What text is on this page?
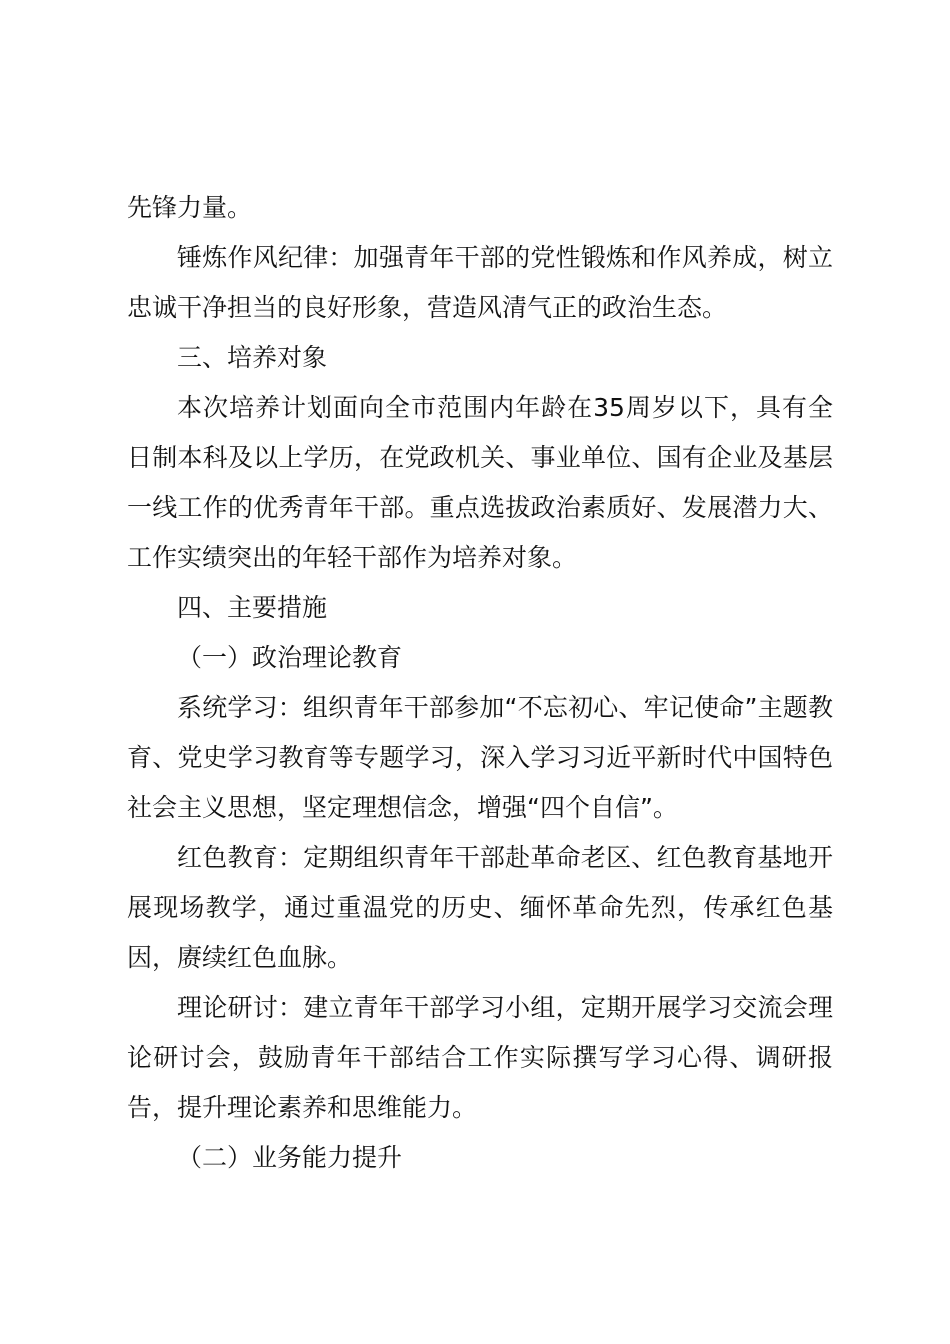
先锋力量。

锤炼作风纪律：加强青年干部的党性锻炼和作风养成，树立忠诚干净担当的良好形象，营造风清气正的政治生态。

三、培养对象

本次培养计划面向全市范围内年龄在35周岁以下，具有全日制本科及以上学历，在党政机关、事业单位、国有企业及基层一线工作的优秀青年干部。重点选拔政治素质好、发展潜力大、工作实绩突出的年轻干部作为培养对象。

四、主要措施

（一）政治理论教育

系统学习：组织青年干部参加“不忘初心、牢记使命”主题教育、党史学习教育等专题学习，深入学习习近平新时代中国特色社会主义思想，坚定理想信念，增强“四个自信”。

红色教育：定期组织青年干部赴革命老区、红色教育基地开展现场教学，通过重温党的历史、缅怀革命先烈，传承红色基因，赓续红色血脉。

理论研讨：建立青年干部学习小组，定期开展学习交流会理论研讨会，鼓励青年干部结合工作实际撰写学习心得、调研报告，提升理论素养和思维能力。

（二）业务能力提升
